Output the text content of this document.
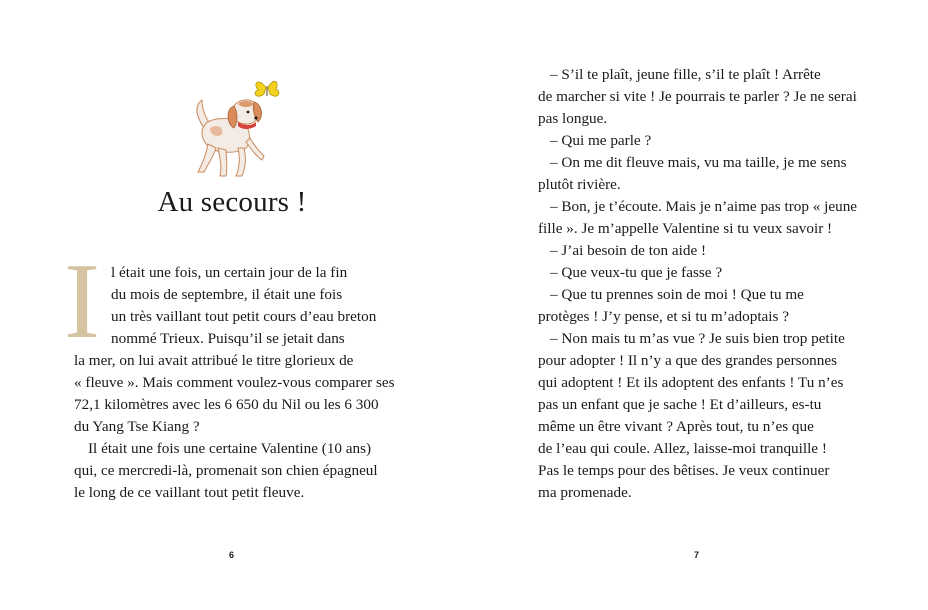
Au secours !
I l était une fois, un certain jour de la fin
du mois de septembre, il était une fois
un très vaillant tout petit cours d’eau breton
nommé Trieux. Puisqu’il se jetait dans
la mer, on lui avait attribué le titre glorieux de
« fleuve ». Mais comment voulez-vous comparer ses
72,1 kilomètres avec les 6 650 du Nil ou les 6 300
du Yang Tse Kiang ?
Il était une fois une certaine Valentine (10 ans)
qui, ce mercredi-là, promenait son chien épagneul
le long de ce vaillant tout petit fleuve.
6
– S’il te plaît, jeune fille, s’il te plaît ! Arrête
de marcher si vite ! Je pourrais te parler ? Je ne serai
pas longue.
– Qui me parle ?
– On me dit fleuve mais, vu ma taille, je me sens
plutôt rivière.
– Bon, je t’écoute. Mais je n’aime pas trop « jeune
fille ». Je m’appelle Valentine si tu veux savoir !
– J’ai besoin de ton aide !
– Que veux-tu que je fasse ?
– Que tu prennes soin de moi ! Que tu me
protèges ! J’y pense, et si tu m’adoptais ?
– Non mais tu m’as vue ? Je suis bien trop petite
pour adopter ! Il n’y a que des grandes personnes
qui adoptent ! Et ils adoptent des enfants ! Tu n’es
pas un enfant que je sache ! Et d’ailleurs, es-tu
même un être vivant ? Après tout, tu n’es que
de l’eau qui coule. Allez, laisse-moi tranquille !
Pas le temps pour des bêtises. Je veux continuer
ma promenade.
7
